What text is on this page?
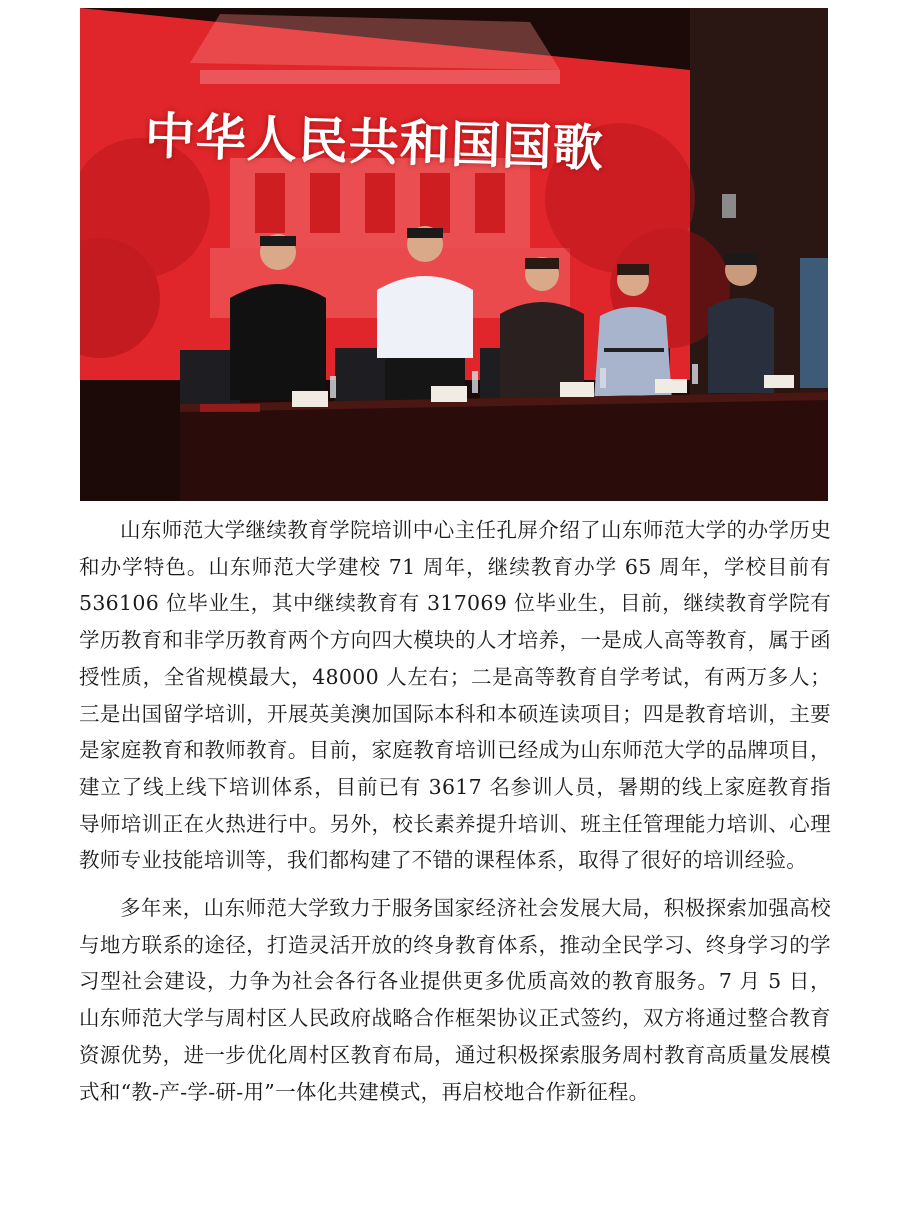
中华人民共和国国歌

山东师范大学继续教育学院培训中心主任孔屏介绍了山东师范大学的办学历史和办学特色。山东师范大学建校 71 周年，继续教育办学 65 周年，学校目前有 536106 位毕业生，其中继续教育有 317069 位毕业生，目前，继续教育学院有学历教育和非学历教育两个方向四大模块的人才培养，一是成人高等教育，属于函授性质，全省规模最大，48000 人左右；二是高等教育自学考试，有两万多人；三是出国留学培训，开展英美澳加国际本科和本硕连读项目；四是教育培训，主要是家庭教育和教师教育。目前，家庭教育培训已经成为山东师范大学的品牌项目，建立了线上线下培训体系，目前已有 3617 名参训人员，暑期的线上家庭教育指导师培训正在火热进行中。另外，校长素养提升培训、班主任管理能力培训、心理教师专业技能培训等，我们都构建了不错的课程体系，取得了很好的培训经验。

多年来，山东师范大学致力于服务国家经济社会发展大局，积极探索加强高校与地方联系的途径，打造灵活开放的终身教育体系，推动全民学习、终身学习的学习型社会建设，力争为社会各行各业提供更多优质高效的教育服务。7 月 5 日，山东师范大学与周村区人民政府战略合作框架协议正式签约，双方将通过整合教育资源优势，进一步优化周村区教育布局，通过积极探索服务周村教育高质量发展模式和“教-产-学-研-用”一体化共建模式，再启校地合作新征程。
